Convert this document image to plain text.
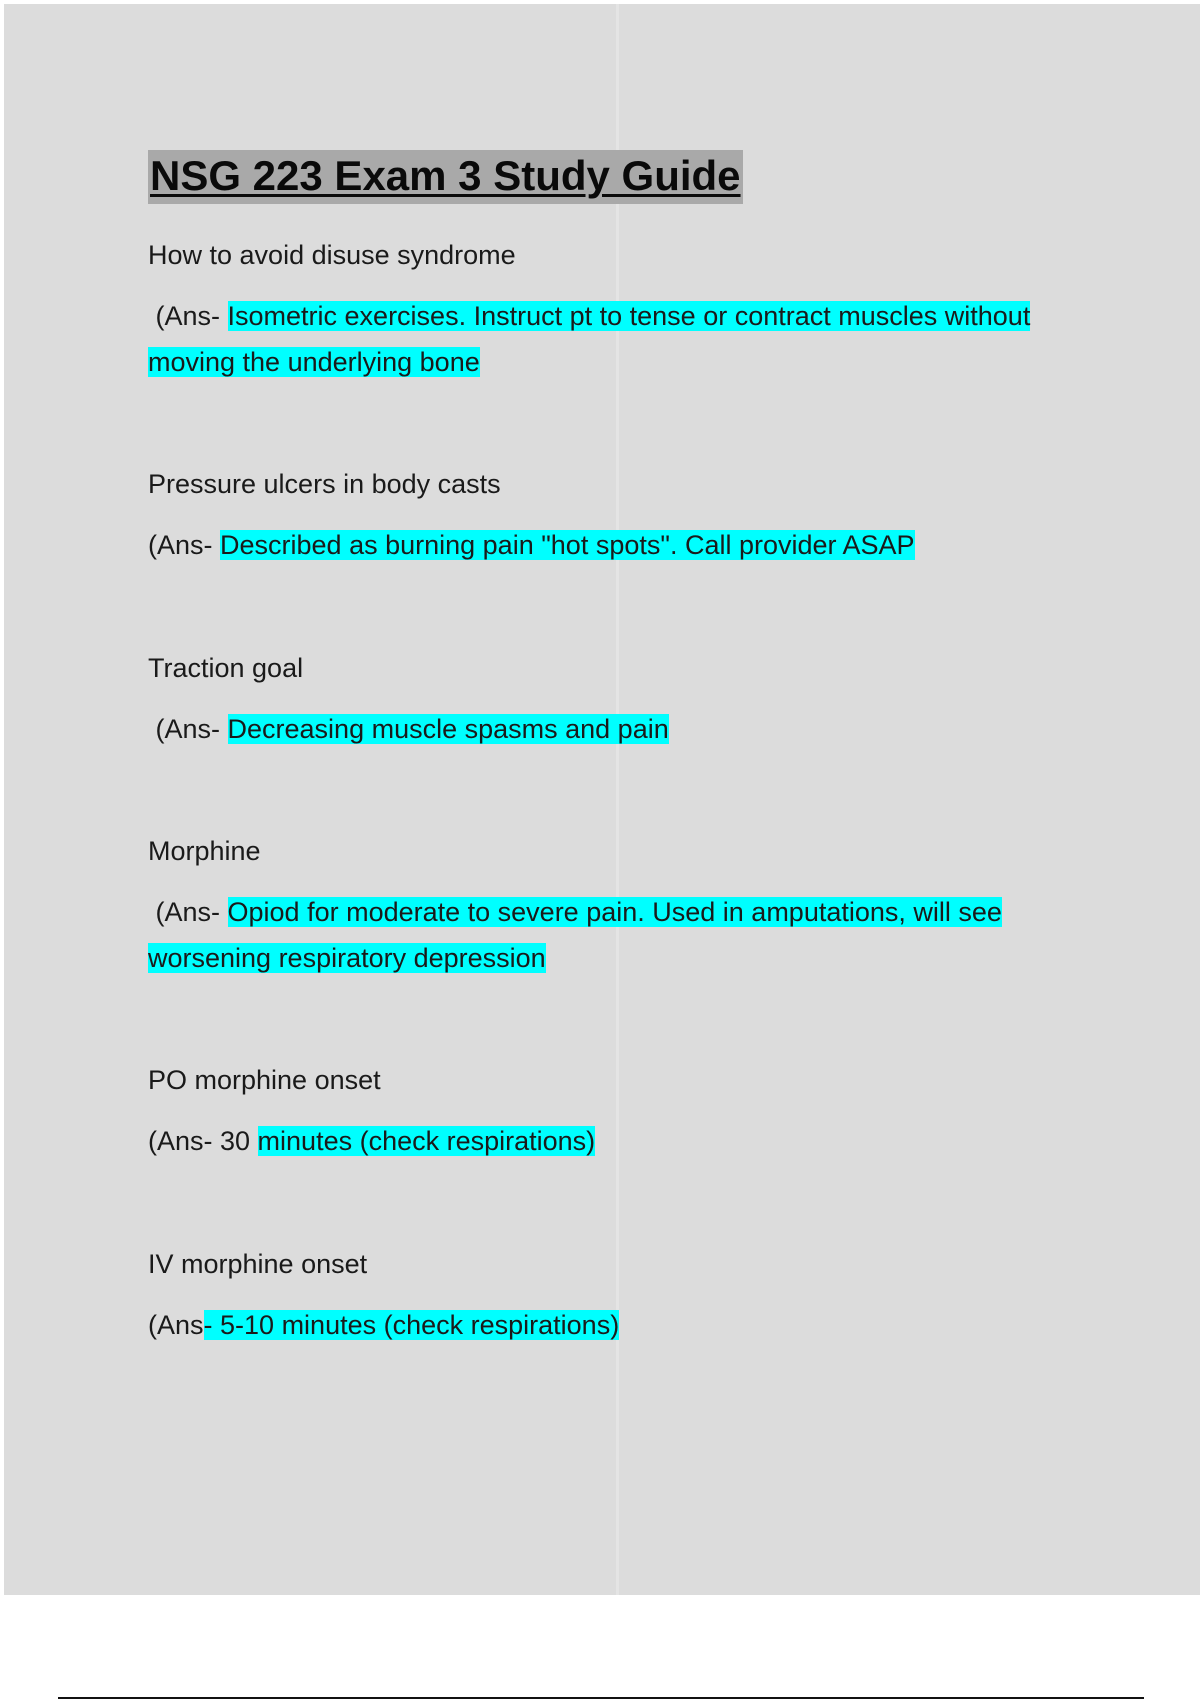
NSG 223 Exam 3 Study Guide

How to avoid disuse syndrome

(Ans- Isometric exercises. Instruct pt to tense or contract muscles without moving the underlying bone

Pressure ulcers in body casts

(Ans- Described as burning pain "hot spots". Call provider ASAP

Traction goal

(Ans- Decreasing muscle spasms and pain

Morphine

(Ans- Opiod for moderate to severe pain. Used in amputations, will see worsening respiratory depression

PO morphine onset

(Ans- 30 minutes (check respirations)

IV morphine onset

(Ans- 5-10 minutes (check respirations)
